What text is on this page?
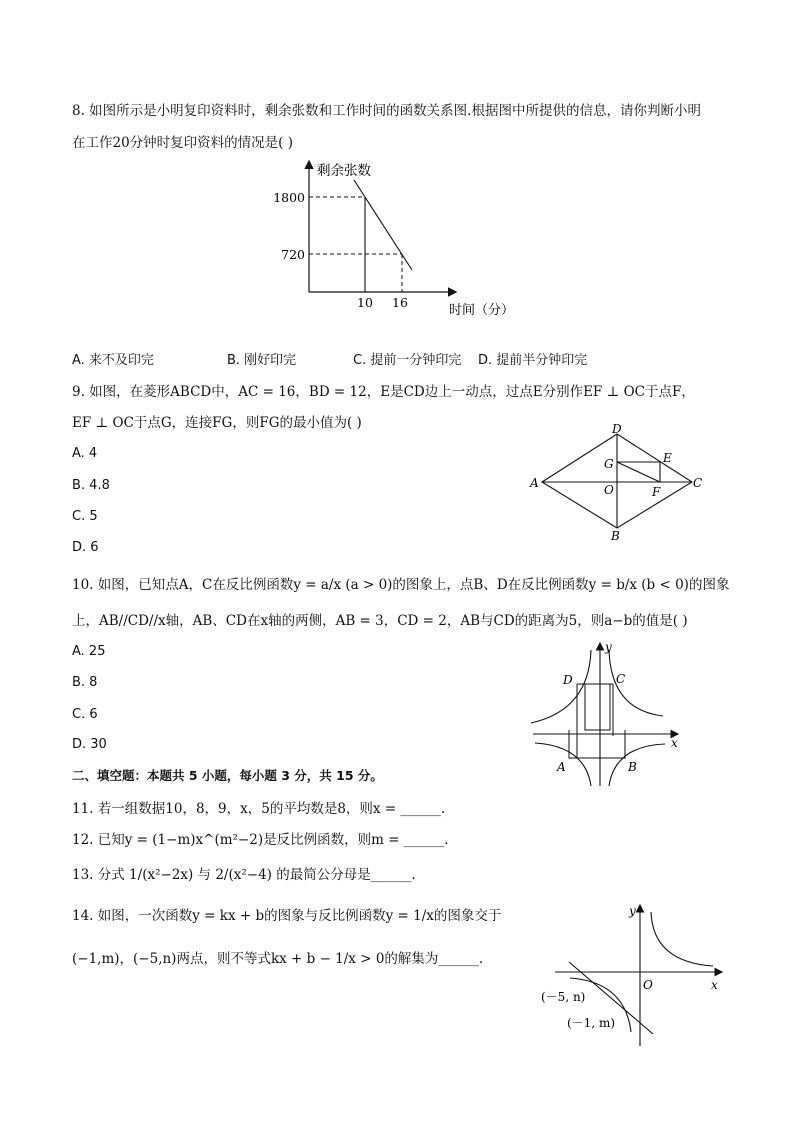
8. 如图所示是小明复印资料时，剩余张数和工作时间的函数关系图.根据图中所提供的信息，请你判断小明
在工作20分钟时复印资料的情况是( )
剩余张数
1800
720
10 16
时间（分）
A. 来不及印完	B. 刚好印完	C. 提前一分钟印完 D. 提前半分钟印完
9. 如图，在菱形ABCD中，AC = 16，BD = 12，E是CD边上一动点，过点E分别作EF ⊥ OC于点F，
EF ⊥ OC于点G，连接FG，则FG的最小值为( )
A. 4
B. 4.8
C. 5
D. 6
A
D
C
B
G	E
O	F
10. 如图，已知点A，C在反比例函数y = a/x (a > 0)的图象上，点B、D在反比例函数y = b/x (b < 0)的图象
上，AB//CD//x轴，AB、CD在x轴的两侧，AB = 3，CD = 2，AB与CD的距离为5，则a−b的值是( )
A. 25
B. 8
C. 6
D. 30
y
x
D	C
A	B
二、填空题：本题共 5 小题，每小题 3 分，共 15 分。
11. 若一组数据10，8，9，x，5的平均数是8，则x = ______.
12. 已知y = (1−m)x^(m²−2)是反比例函数，则m = ______.
13. 分式 1/(x²−2x) 与 2/(x²−4) 的最简公分母是______.
14. 如图，一次函数y = kx + b的图象与反比例函数y = 1/x的图象交于
(−1,m)，(−5,n)两点，则不等式kx + b − 1/x > 0的解集为______.
y
x
O
(－5, n)
(－1, m)
